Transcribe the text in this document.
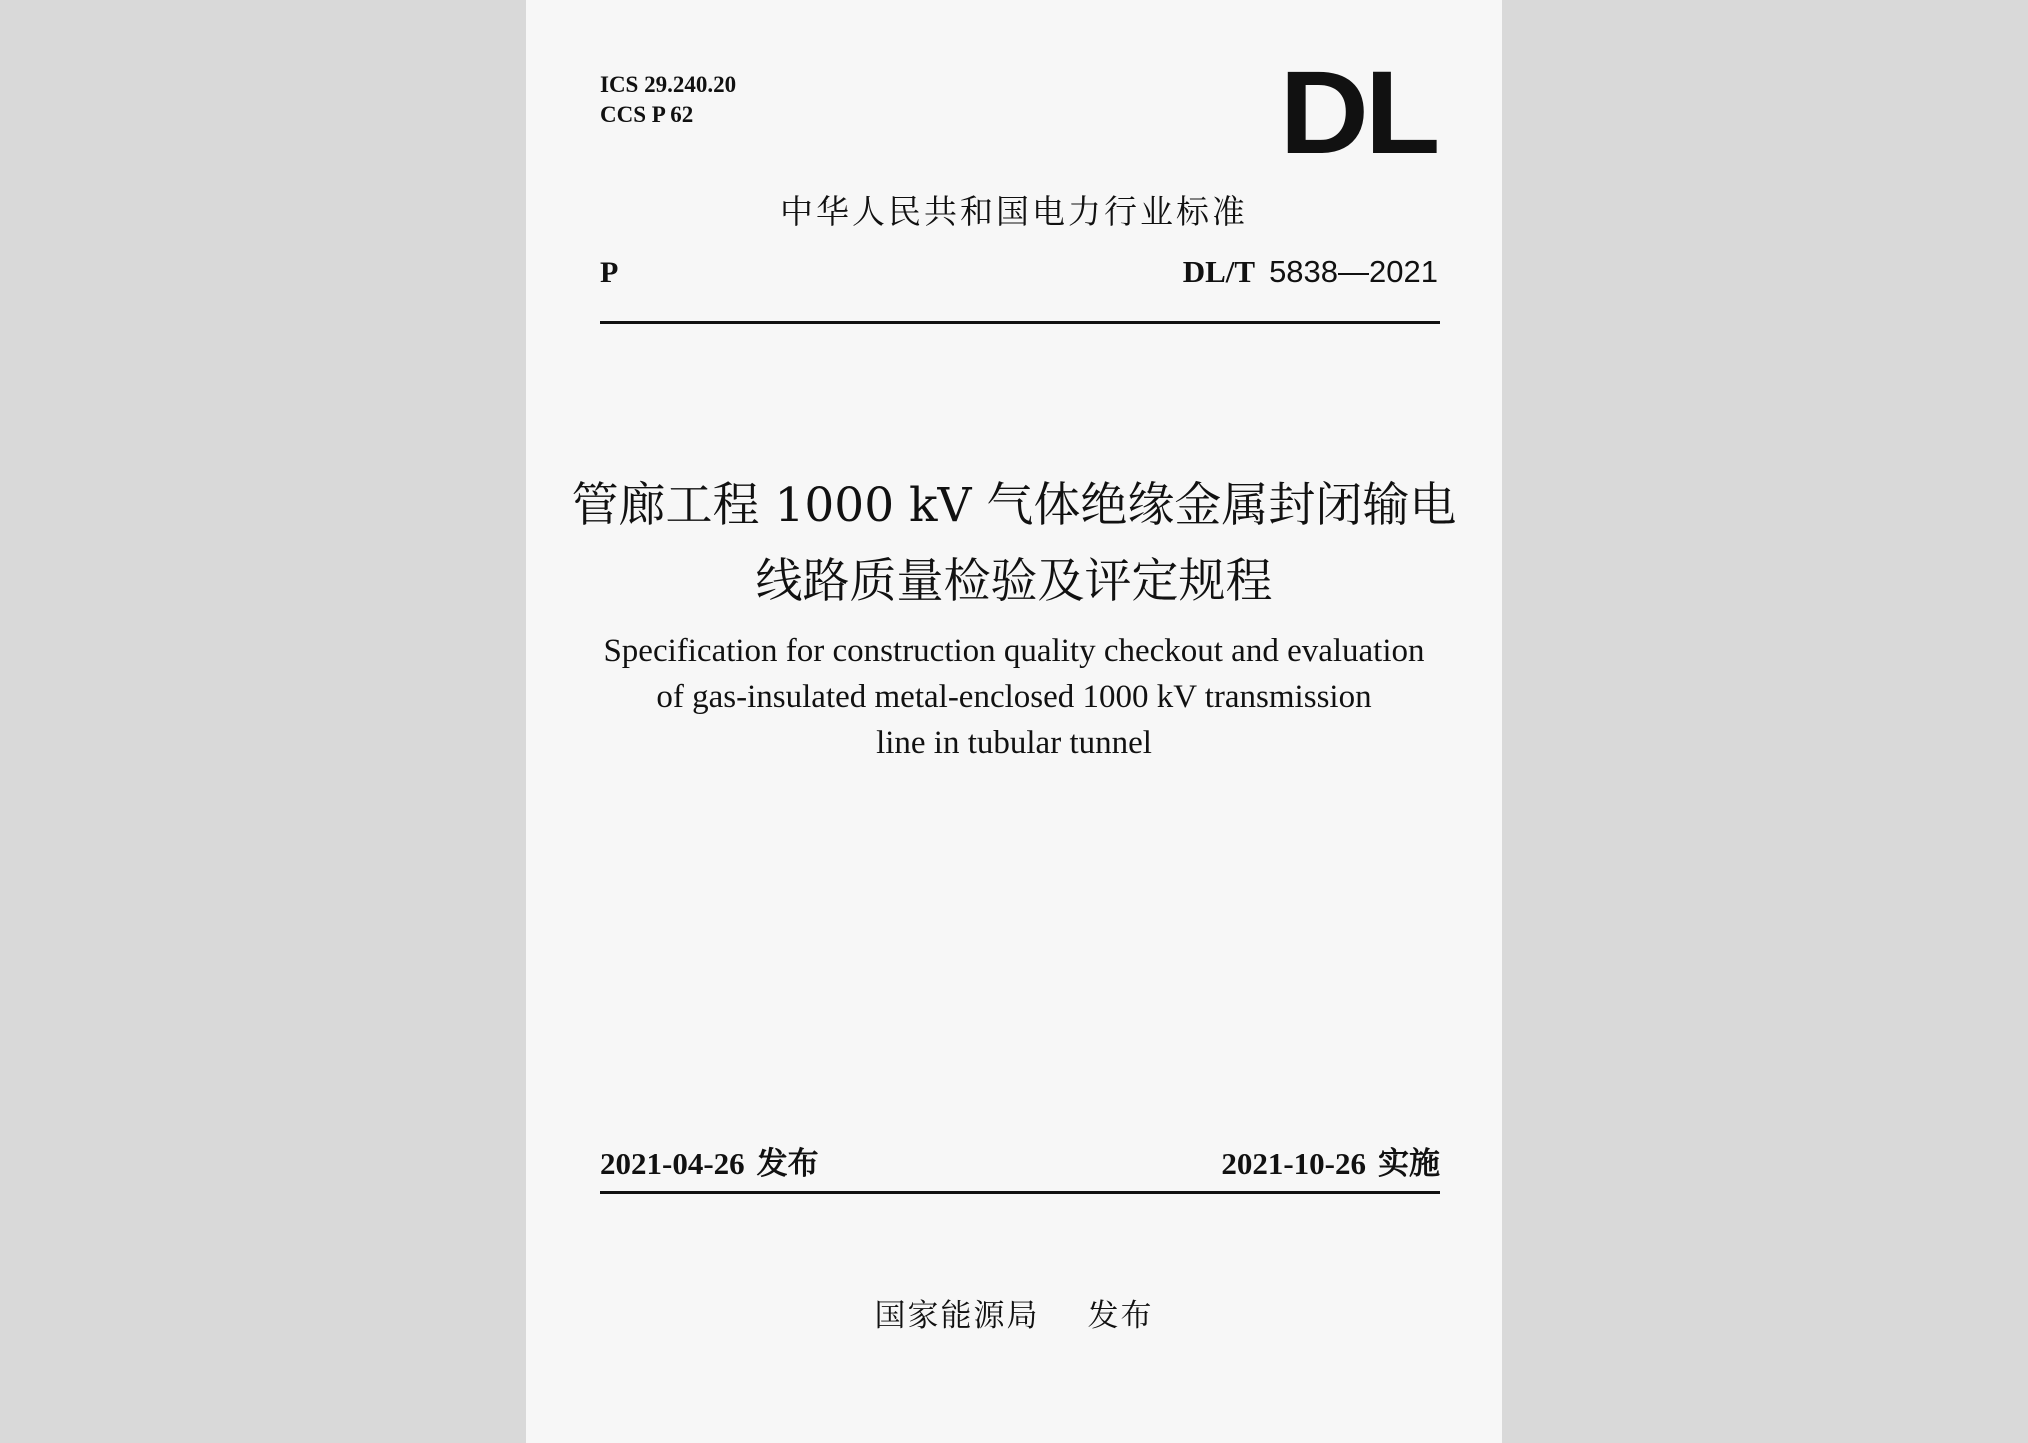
ICS 29.240.20
CCS P 62	DL
中华人民共和国电力行业标准
P	DL/T 5838—2021
管廊工程 1000 kV 气体绝缘金属封闭输电
线路质量检验及评定规程
Specification for construction quality checkout and evaluation
of gas-insulated metal-enclosed 1000 kV transmission
line in tubular tunnel
2021-04-26 发布	2021-10-26 实施
国家能源局 发布
